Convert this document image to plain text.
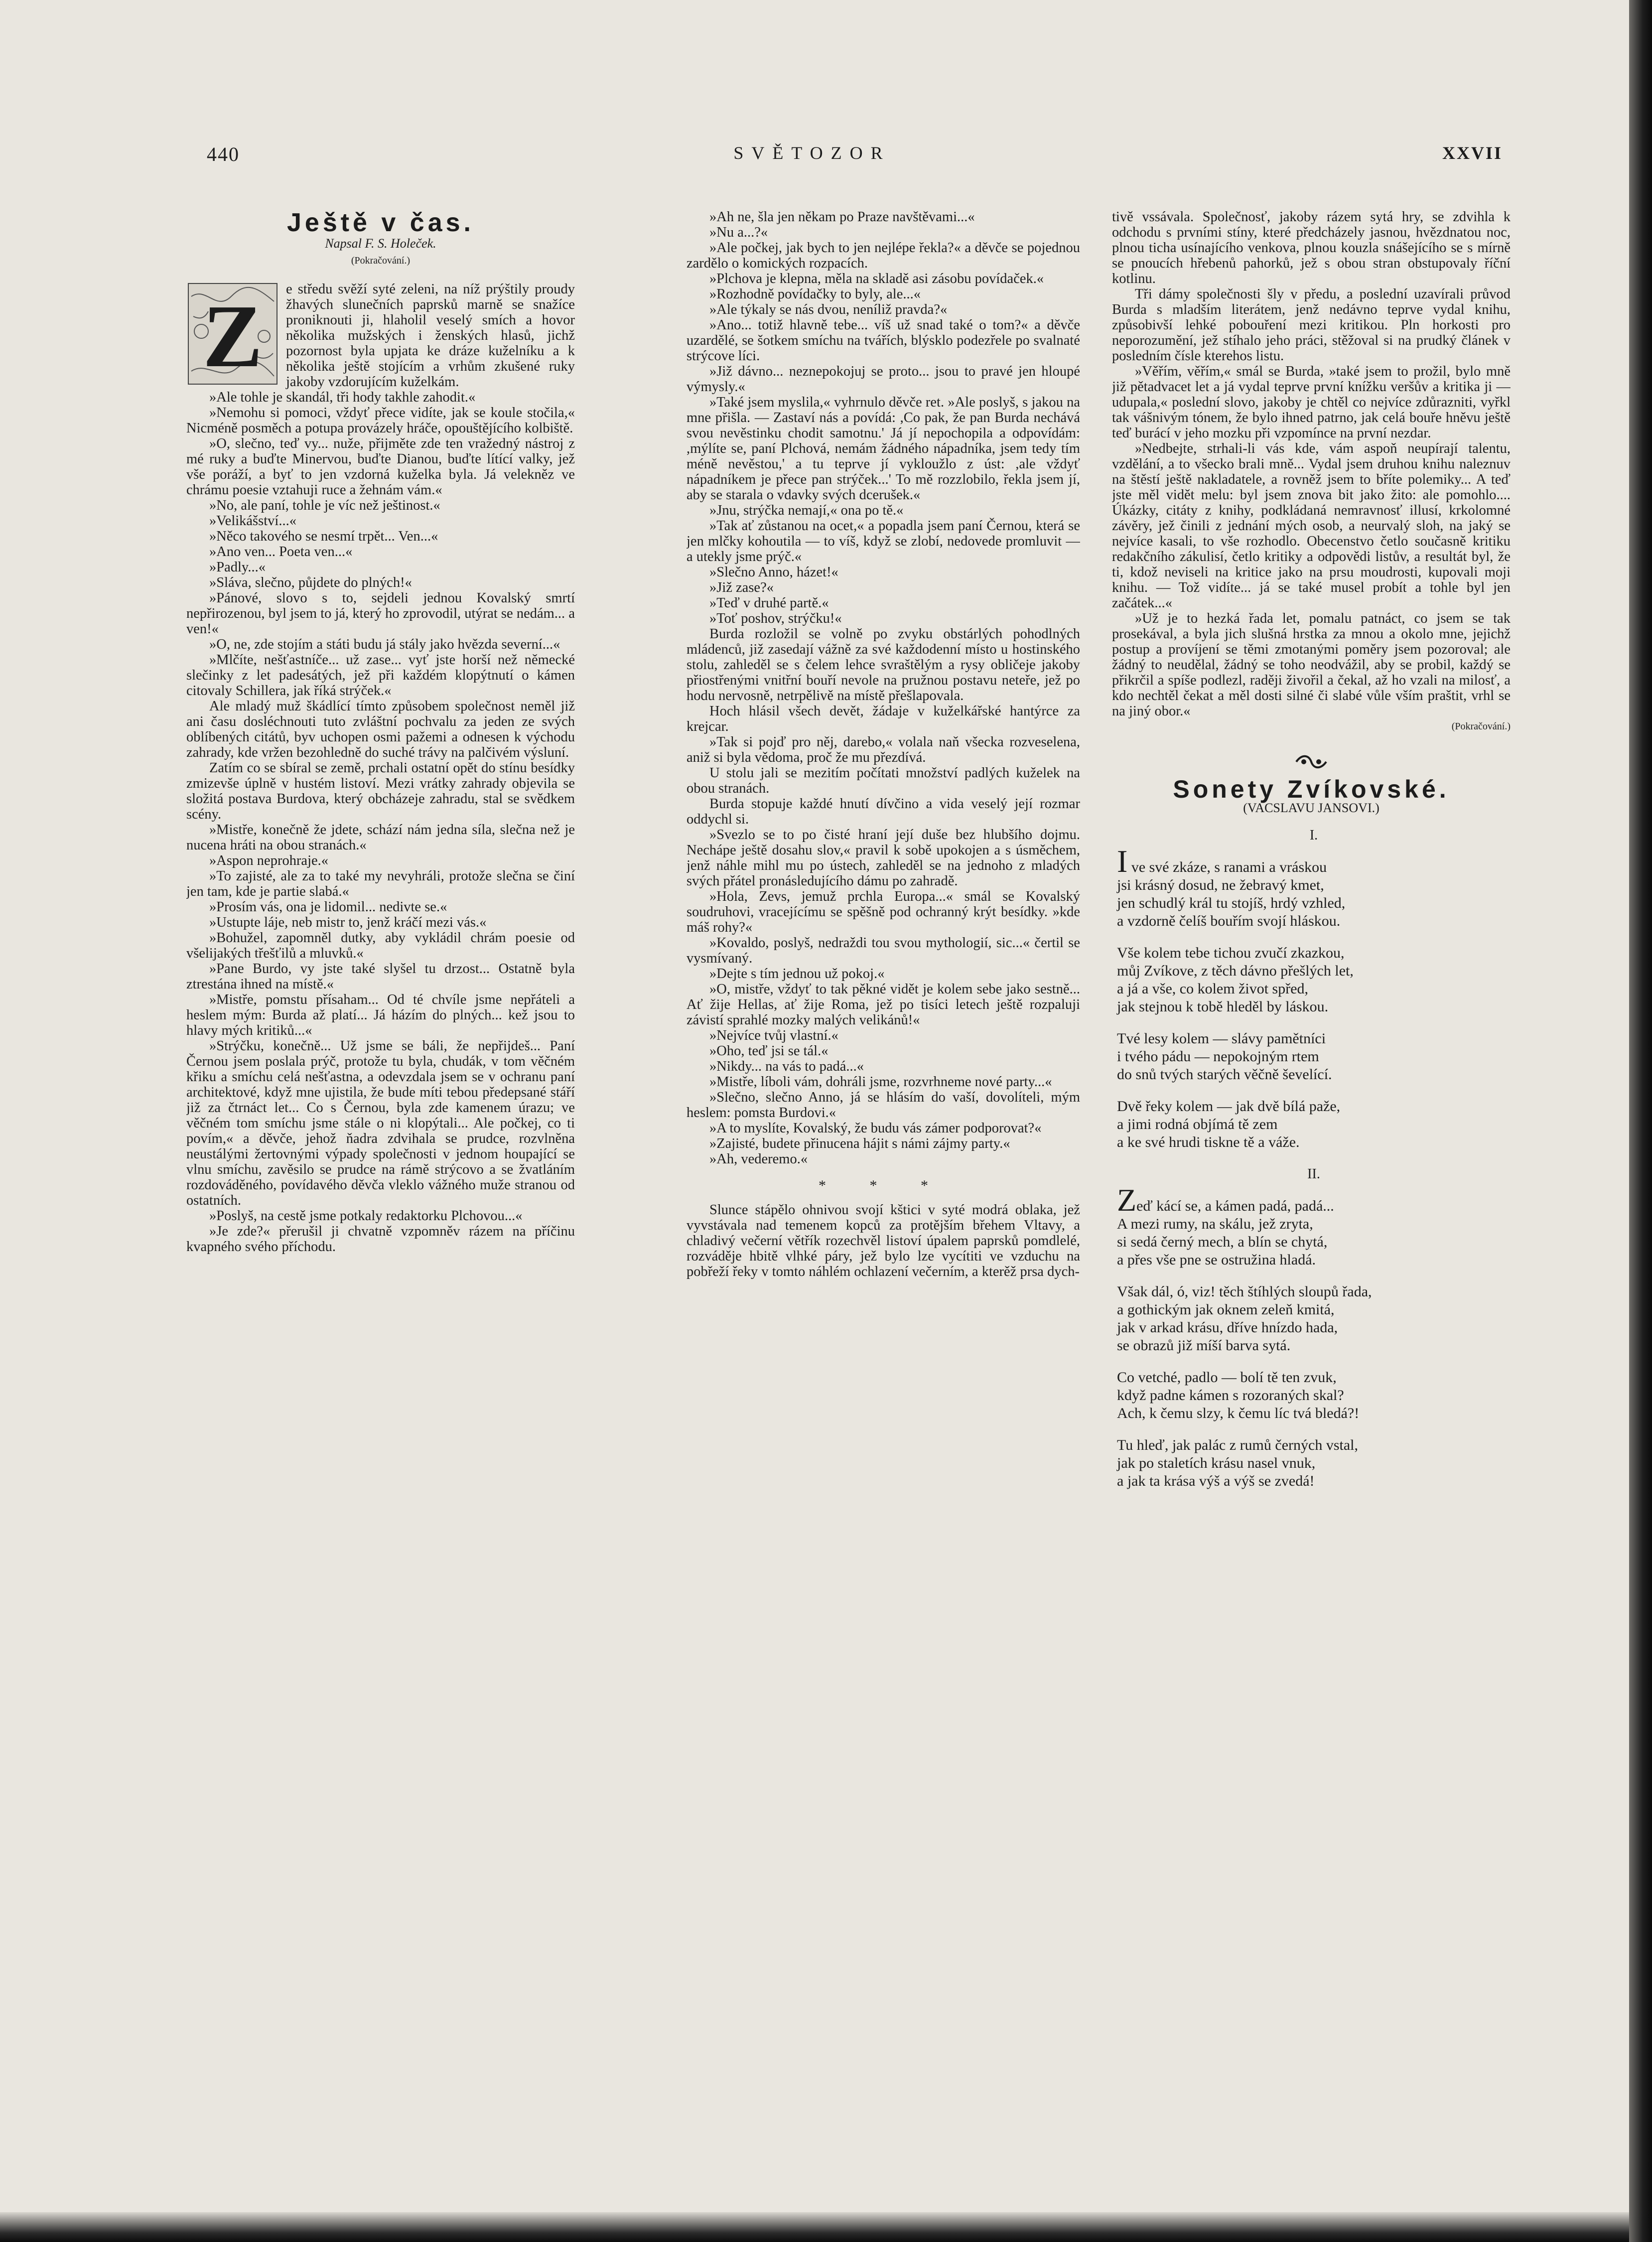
440	SVĚTOZOR	XXVII
Ještě v čas.
Napsal F. S. Holeček.
(Pokračování.)
Z	e středu svěží syté zeleni, na níž prýštily proudy žhavých slunečních paprsků marně se snažíce proniknouti ji, hlaholil veselý smích a hovor několika mužských i ženských hlasů, jichž pozornost byla upjata ke dráze kuželníku a k několika ještě stojícím a vrhům zkušené ruky jakoby vzdorujícím kuželkám.

»Ale tohle je skandál, tři hody takhle zahodit.«

»Nemohu si pomoci, vždyť přece vidíte, jak se koule stočila,« Nicméně posměch a potupa provázely hráče, opouštějícího kolbiště.

»O, slečno, teď vy... nuže, přijměte zde ten vražedný nástroj z mé ruky a buďte Minervou, buďte Dianou, buďte lítící valky, jež vše poráží, a byť to jen vzdorná kuželka byla. Já velekněz ve chrámu poesie vztahuji ruce a žehnám vám.«

»No, ale paní, tohle je víc než ještinost.«

»Velikášství...«

»Něco takového se nesmí trpět... Ven...«

»Ano ven... Poeta ven...«

»Padly...«

»Sláva, slečno, půjdete do plných!«

»Pánové, slovo s to, sejdeli jednou Kovalský smrtí nepřirozenou, byl jsem to já, který ho zprovodil, utýrat se nedám... a ven!«

»O, ne, zde stojím a státi budu já stály jako hvězda severní...«

»Mlčíte, nešťastníče... už zase... vyť jste horší než německé slečinky z let padesátých, jež při každém klopýtnutí o kámen citovaly Schillera, jak říká strýček.«

Ale mladý muž škádlící tímto způsobem společnost neměl již ani času dosléchnouti tuto zvláštní pochvalu za jeden ze svých oblíbených citátů, byv uchopen osmi pažemi a odnesen k východu zahrady, kde vržen bezohledně do suché trávy na palčivém výsluní.

Zatím co se sbíral se země, prchali ostatní opět do stínu besídky zmizevše úplně v hustém listoví. Mezi vrátky zahrady objevila se složitá postava Burdova, který obcházeje zahradu, stal se svědkem scény.

»Mistře, konečně že jdete, schází nám jedna síla, slečna než je nucena hráti na obou stranách.«

»Aspon neprohraje.«

»To zajisté, ale za to také my nevyhráli, protože slečna se činí jen tam, kde je partie slabá.«

»Prosím vás, ona je lidomil... nedivte se.«

»Ustupte láje, neb mistr to, jenž kráčí mezi vás.«

»Bohužel, zapomněl dutky, aby vykládil chrám poesie od všelijakých třešťilů a mluvků.«

»Pane Burdo, vy jste také slyšel tu drzost... Ostatně byla ztrestána ihned na místě.«

»Mistře, pomstu přísaham... Od té chvíle jsme nepřáteli a heslem mým: Burda až platí... Já házím do plných... kež jsou to hlavy mých kritiků...«

»Strýčku, konečně... Už jsme se báli, že nepřijdeš... Paní Černou jsem poslala prýč, protože tu byla, chudák, v tom věčném křiku a smíchu celá nešťastna, a odevzdala jsem se v ochranu paní architektové, když mne ujistila, že bude míti tebou předepsané stáří již za čtrnáct let... Co s Černou, byla zde kamenem úrazu; ve věčném tom smíchu jsme stále o ni klopýtali... Ale počkej, co ti povím,« a děvče, jehož ňadra zdvihala se prudce, rozvlněna neustálými žertovnými výpady společnosti v jednom houpající se vlnu smíchu, zavěsilo se prudce na rámě strýcovo a se žvatláním rozdováděného, povídavého děvča vleklo vážného muže stranou od ostatních.

»Poslyš, na cestě jsme potkaly redaktorku Plchovou...«

»Je zde?« přerušil ji chvatně vzpomněv rázem na příčinu kvapného svého příchodu.

»Ah ne, šla jen někam po Praze navštěvami...«

»Nu a...?«

»Ale počkej, jak bych to jen nejlépe řekla?« a děvče se pojednou zardělo o komických rozpacích.

»Plchova je klepna, měla na skladě asi zásobu povídaček.«

»Rozhodně povídačky to byly, ale...«

»Ale týkaly se nás dvou, neníliž pravda?«

»Ano... totiž hlavně tebe... víš už snad také o tom?« a děvče uzardělé, se šotkem smíchu na tvářích, blýsklo podezřele po svalnaté strýcove líci.

»Již dávno... neznepokojuj se proto... jsou to pravé jen hloupé výmysly.«

»Také jsem myslila,« vyhrnulo děvče ret. »Ale poslyš, s jakou na mne přišla. — Zastaví nás a povídá: ,Co pak, že pan Burda nechává svou nevěstinku chodit samotnu.' Já jí nepochopila a odpovídám: ,mýlíte se, paní Plchová, nemám žádného nápadníka, jsem tedy tím méně nevěstou,' a tu teprve jí vykloužlo z úst: ,ale vždyť nápadníkem je přece pan strýček...' To mě rozzlobilo, řekla jsem jí, aby se starala o vdavky svých dcerušek.«

»Jnu, strýčka nemají,« ona po tě.«

»Tak ať zůstanou na ocet,« a popadla jsem paní Černou, která se jen mlčky kohoutila — to víš, když se zlobí, nedovede promluvit — a utekly jsme prýč.«

»Slečno Anno, házet!«

»Již zase?«

»Teď v druhé partě.«

»Toť poshov, strýčku!«

Burda rozložil se volně po zvyku obstárlých pohodlných mládenců, již zasedají vážně za své každodenní místo u hostinského stolu, zahleděl se s čelem lehce svraštělým a rysy obličeje jakoby přiostřenými vnitřní bouří nevole na pružnou postavu neteře, jež po hodu nervosně, netrpělivě na místě přešlapovala.

Hoch hlásil všech devět, žádaje v kuželkářské hantýrce za krejcar.

»Tak si pojď pro něj, darebo,« volala naň všecka rozveselena, aniž si byla vědoma, proč že mu přezdívá.

U stolu jali se mezitím počítati množství padlých kuželek na obou stranách.

Burda stopuje každé hnutí dívčino a vida veselý její rozmar oddychl si.

»Svezlo se to po čisté hraní její duše bez hlubšího dojmu. Nechápe ještě dosahu slov,« pravil k sobě upokojen a s úsměchem, jenž náhle mihl mu po ústech, zahleděl se na jednoho z mladých svých přátel pronásledujícího dámu po zahradě.

»Hola, Zevs, jemuž prchla Europa...« smál se Kovalský soudruhovi, vracejícímu se spěšně pod ochranný krýt besídky. »kde máš rohy?«

»Kovaldo, poslyš, nedraždi tou svou mythologií, sic...« čertil se vysmívaný.

»Dejte s tím jednou už pokoj.«

»O, mistře, vždyť to tak pěkné vidět je kolem sebe jako sestně... Ať žije Hellas, ať žije Roma, jež po tisíci letech ještě rozpaluji závistí sprahlé mozky malých velikánů!«

»Nejvíce tvůj vlastní.«

»Oho, teď jsi se tál.«

»Nikdy... na vás to padá...«

»Mistře, líboli vám, dohráli jsme, rozvrhneme nové party...«

»Slečno, slečno Anno, já se hlásím do vaší, dovolíteli, mým heslem: pomsta Burdovi.«

»A to myslíte, Kovalský, že budu vás zámer podporovat?«

»Zajisté, budete přinucena hájit s námi zájmy party.«

»Ah, vederemo.«

* * *

Slunce stápělo ohnivou svojí kštici v syté modrá oblaka, jež vyvstávala nad temenem kopců za protějším břehem Vltavy, a chladivý večerní větřík rozechvěl listoví úpalem paprsků pomdlelé, rozváděje hbitě vlhké páry, jež bylo lze vycítiti ve vzduchu na pobřeží řeky v tomto náhlém ochlazení večerním, a kterěž prsa dych-

tivě vssávala. Společnosť, jakoby rázem sytá hry, se zdvihla k odchodu s prvními stíny, které předcházely jasnou, hvězdnatou noc, plnou ticha usínajícího venkova, plnou kouzla snášejícího se s mírně se pnoucích hřebenů pahorků, jež s obou stran obstupovaly říční kotlinu.

Tři dámy společnosti šly v předu, a poslední uzavírali průvod Burda s mladším literátem, jenž nedávno teprve vydal knihu, způsobivší lehké pobouření mezi kritikou. Pln horkosti pro neporozumění, jež stíhalo jeho práci, stěžoval si na prudký článek v posledním čísle kterehos listu.

»Věřím, věřím,« smál se Burda, »také jsem to prožil, bylo mně již pětadvacet let a já vydal teprve první knížku veršův a kritika ji — udupala,« poslední slovo, jakoby je chtěl co nejvíce zdůrazniti, vyřkl tak vášnivým tónem, že bylo ihned patrno, jak celá bouře hněvu ještě teď burácí v jeho mozku při vzpomínce na první nezdar.

»Nedbejte, strhali-li vás kde, vám aspoň neupírají talentu, vzdělání, a to všecko brali mně... Vydal jsem druhou knihu naleznuv na štěstí ještě nakladatele, a rovněž jsem to bříte polemiky... A teď jste měl vidět melu: byl jsem znova bit jako žito: ale pomohlo.... Úkázky, citáty z knihy, podkládaná nemravnosť illusí, krkolomné závěry, jež činili z jednání mých osob, a neurvalý sloh, na jaký se nejvíce kasali, to vše rozhodlo. Obecenstvo četlo současně kritiku redakčního zákulisí, četlo kritiky a odpovědi listův, a resultát byl, že ti, kdož neviseli na kritice jako na prsu moudrosti, kupovali moji knihu. — Tož vidíte... já se také musel probít a tohle byl jen začátek...«

»Už je to hezká řada let, pomalu patnáct, co jsem se tak prosekával, a byla jich slušná hrstka za mnou a okolo mne, jejichž postup a províjení se těmi zmotanými poměry jsem pozoroval; ale žádný to neudělal, žádný se toho neodvážil, aby se probil, každý se přikrčil a spíše podlezl, raději živořil a čekal, až ho vzali na milosť, a kdo nechtěl čekat a měl dosti silné či slabé vůle vším praštit, vrhl se na jiný obor.«

(Pokračování.)
Sonety Zvíkovské.
(VACSLAVU JANSOVI.)
I.
I ve své zkáze, s ranami a vráskou
jsi krásný dosud, ne žebravý kmet,
jen schudlý král tu stojíš, hrdý vzhled,
a vzdorně čelíš bouřím svojí hláskou.
Vše kolem tebe tichou zvučí zkazkou,
můj Zvíkove, z těch dávno přešlých let,
a já a vše, co kolem život spřed,
jak stejnou k tobě hleděl by láskou.
Tvé lesy kolem — slávy pamětníci
i tvého pádu — nepokojným rtem
do snů tvých starých věčně ševelící.
Dvě řeky kolem — jak dvě bílá paže,
a jimi rodná objímá tě zem
a ke své hrudi tiskne tě a váže.
II.
Zeď kácí se, a kámen padá, padá...
A mezi rumy, na skálu, jež zryta,
si sedá černý mech, a blín se chytá,
a přes vše pne se ostružina hladá.
Však dál, ó, viz! těch štíhlých sloupů řada,
a gothickým jak oknem zeleň kmitá,
jak v arkad krásu, dříve hnízdo hada,
se obrazů již míší barva sytá.
Co vetché, padlo — bolí tě ten zvuk,
když padne kámen s rozoraných skal?
Ach, k čemu slzy, k čemu líc tvá bledá?!
Tu hleď, jak palác z rumů černých vstal,
jak po staletích krásu nasel vnuk,
a jak ta krása výš a výš se zvedá!
